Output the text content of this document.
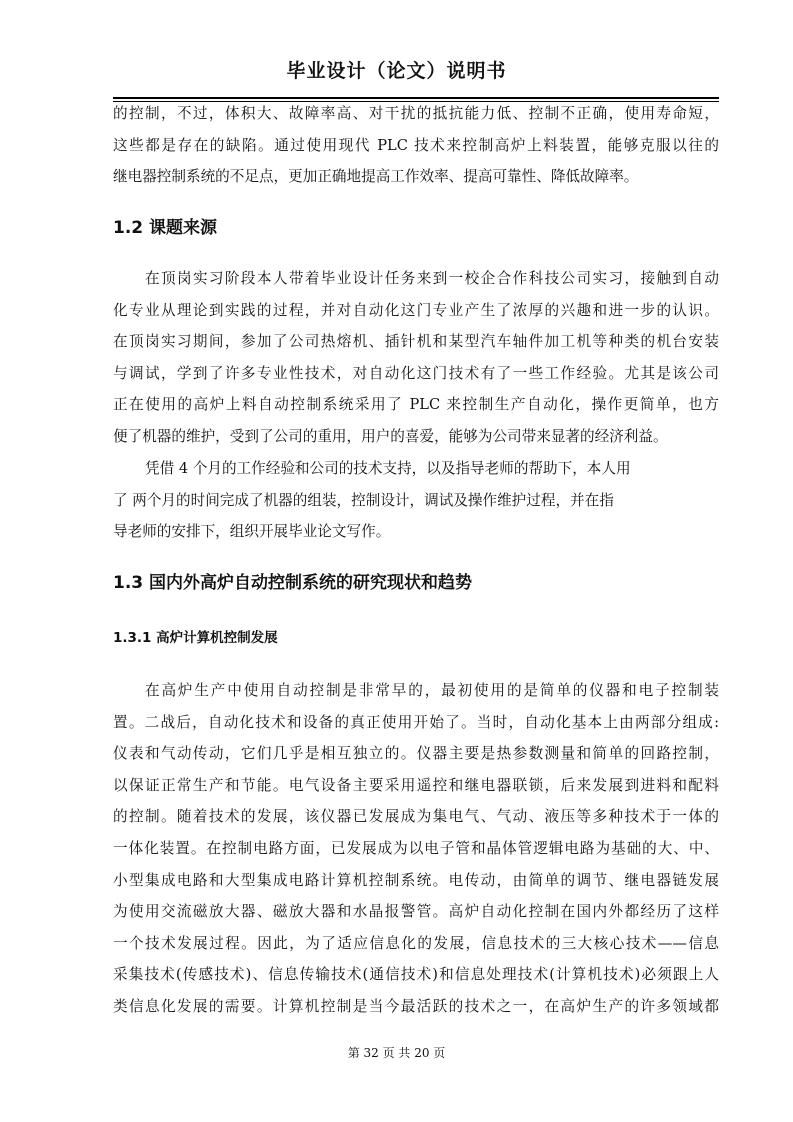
毕业设计（论文）说明书
的控制，不过，体积大、故障率高、对干扰的抵抗能力低、控制不正确，使用寿命短，
这些都是存在的缺陷。通过使用现代 PLC 技术来控制高炉上料装置，能够克服以往的
继电器控制系统的不足点，更加正确地提高工作效率、提高可靠性、降低故障率。
1.2 课题来源
在顶岗实习阶段本人带着毕业设计任务来到一校企合作科技公司实习，接触到自动
化专业从理论到实践的过程，并对自动化这门专业产生了浓厚的兴趣和进一步的认识。
在顶岗实习期间，参加了公司热熔机、插针机和某型汽车轴件加工机等种类的机台安装
与调试，学到了许多专业性技术，对自动化这门技术有了一些工作经验。尤其是该公司
正在使用的高炉上料自动控制系统采用了 PLC 来控制生产自动化，操作更简单，也方
便了机器的维护，受到了公司的重用，用户的喜爱，能够为公司带来显著的经济利益。
凭借 4 个月的工作经验和公司的技术支持，以及指导老师的帮助下，本人用
了 两个月的时间完成了机器的组装，控制设计，调试及操作维护过程，并在指
导老师的安排下，组织开展毕业论文写作。
1.3 国内外高炉自动控制系统的研究现状和趋势
1.3.1 高炉计算机控制发展
在高炉生产中使用自动控制是非常早的，最初使用的是简单的仪器和电子控制装
置。二战后，自动化技术和设备的真正使用开始了。当时，自动化基本上由两部分组成:
仪表和气动传动，它们几乎是相互独立的。仪器主要是热参数测量和简单的回路控制，
以保证正常生产和节能。电气设备主要采用遥控和继电器联锁，后来发展到进料和配料
的控制。随着技术的发展，该仪器已发展成为集电气、气动、液压等多种技术于一体的
一体化装置。在控制电路方面，已发展成为以电子管和晶体管逻辑电路为基础的大、中、
小型集成电路和大型集成电路计算机控制系统。电传动，由简单的调节、继电器链发展
为使用交流磁放大器、磁放大器和水晶报警管。高炉自动化控制在国内外都经历了这样
一个技术发展过程。因此，为了适应信息化的发展，信息技术的三大核心技术——信息
采集技术(传感技术)、信息传输技术(通信技术)和信息处理技术(计算机技术)必须跟上人
类信息化发展的需要。计算机控制是当今最活跃的技术之一，在高炉生产的许多领域都
第 32 页 共 20 页
